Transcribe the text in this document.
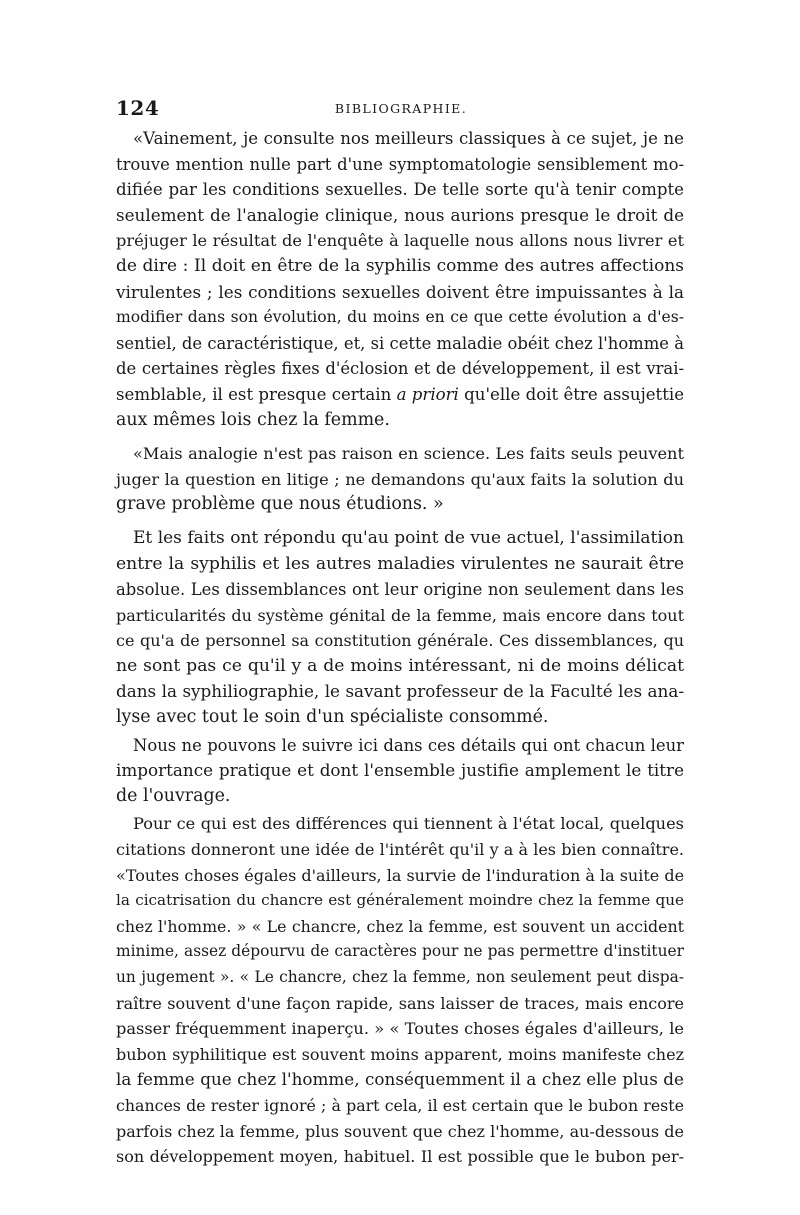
124	BIBLIOGRAPHIE.
«Vainement, je consulte nos meilleurs classiques à ce sujet, je ne
trouve mention nulle part d'une symptomatologie sensiblement mo-
difiée par les conditions sexuelles. De telle sorte qu'à tenir compte
seulement de l'analogie clinique, nous aurions presque le droit de
préjuger le résultat de l'enquête à laquelle nous allons nous livrer et
de dire : Il doit en être de la syphilis comme des autres affections
virulentes ; les conditions sexuelles doivent être impuissantes à la
modifier dans son évolution, du moins en ce que cette évolution a d'es-
sentiel, de caractéristique, et, si cette maladie obéit chez l'homme à
de certaines règles fixes d'éclosion et de développement, il est vrai-
semblable, il est presque certain a priori qu'elle doit être assujettie
aux mêmes lois chez la femme.
«Mais analogie n'est pas raison en science. Les faits seuls peuvent
juger la question en litige ; ne demandons qu'aux faits la solution du
grave problème que nous étudions. »
Et les faits ont répondu qu'au point de vue actuel, l'assimilation
entre la syphilis et les autres maladies virulentes ne saurait être
absolue. Les dissemblances ont leur origine non seulement dans les
particularités du système génital de la femme, mais encore dans tout
ce qu'a de personnel sa constitution générale. Ces dissemblances, qu
ne sont pas ce qu'il y a de moins intéressant, ni de moins délicat
dans la syphiliographie, le savant professeur de la Faculté les ana-
lyse avec tout le soin d'un spécialiste consommé.
Nous ne pouvons le suivre ici dans ces détails qui ont chacun leur
importance pratique et dont l'ensemble justifie amplement le titre
de l'ouvrage.
Pour ce qui est des différences qui tiennent à l'état local, quelques
citations donneront une idée de l'intérêt qu'il y a à les bien connaître.
«Toutes choses égales d'ailleurs, la survie de l'induration à la suite de
la cicatrisation du chancre est généralement moindre chez la femme que
chez l'homme. » « Le chancre, chez la femme, est souvent un accident
minime, assez dépourvu de caractères pour ne pas permettre d'instituer
un jugement ». « Le chancre, chez la femme, non seulement peut dispa-
raître souvent d'une façon rapide, sans laisser de traces, mais encore
passer fréquemment inaperçu. » « Toutes choses égales d'ailleurs, le
bubon syphilitique est souvent moins apparent, moins manifeste chez
la femme que chez l'homme, conséquemment il a chez elle plus de
chances de rester ignoré ; à part cela, il est certain que le bubon reste
parfois chez la femme, plus souvent que chez l'homme, au-dessous de
son développement moyen, habituel. Il est possible que le bubon per-
